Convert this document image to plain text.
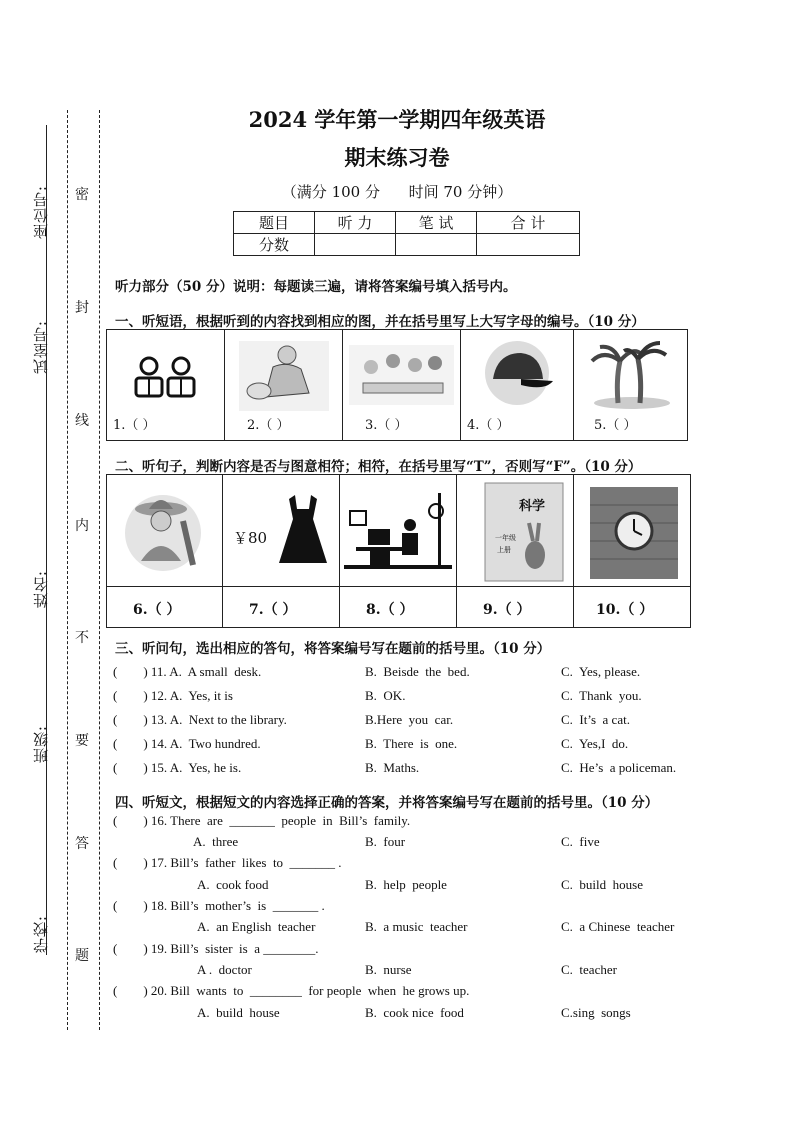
座位号:
试室号:
姓名:
班级:
学校:
密
封
线
内
不
要
答
题
2024 学年第一学期四年级英语
期末练习卷
（满分 100 分      时间 70 分钟）
题目	听 力	笔 试	合 计
分数			
听力部分（50 分）说明：每题读三遍，请将答案编号填入括号内。
一、听短语，根据听到的内容找到相应的图，并在括号里写上大写字母的编号。（10 分）
1.（ ）	2.（ ）	3.（ ）	4.（ ）	5.（ ）
二、听句子，判断内容是否与图意相符；相符，在括号里写“T”，否则写“F”。（10 分）

￥80		科学
一年级
上册

6.（ ）	7.（ ）	8.（ ）	9.（ ）	10.（ ）
三、听问句，选出相应的答句，将答案编号写在题前的括号里。（10 分）
(        ) 11. A.  A small  desk.	B.  Beisde  the  bed.	C.  Yes, please.
(        ) 12. A.  Yes, it is	B.  OK.	C.  Thank  you.
(        ) 13. A.  Next to the library.	B.Here  you  car.	C.  It’s  a cat.
(        ) 14. A.  Two hundred.	B.  There  is  one.	C.  Yes,I  do.
(        ) 15. A.  Yes, he is.	B.  Maths.	C.  He’s  a policeman.
四、听短文，根据短文的内容选择正确的答案，并将答案编号写在题前的括号里。（10 分）
(        ) 16. There  are  _______  people  in  Bill’s  family.
A.  three	B.  four	C.  five
(        ) 17. Bill’s  father  likes  to  _______ .
A.  cook food	B.  help  people	C.  build  house
(        ) 18. Bill’s  mother’s  is  _______ .
A.  an English  teacher	B.  a music  teacher	C.  a Chinese  teacher
(        ) 19. Bill’s  sister  is  a ________.
A .  doctor	B.  nurse	C.  teacher
(        ) 20. Bill  wants  to  ________  for people  when  he grows up.
A.  build  house	B.  cook nice  food	C.sing  songs
